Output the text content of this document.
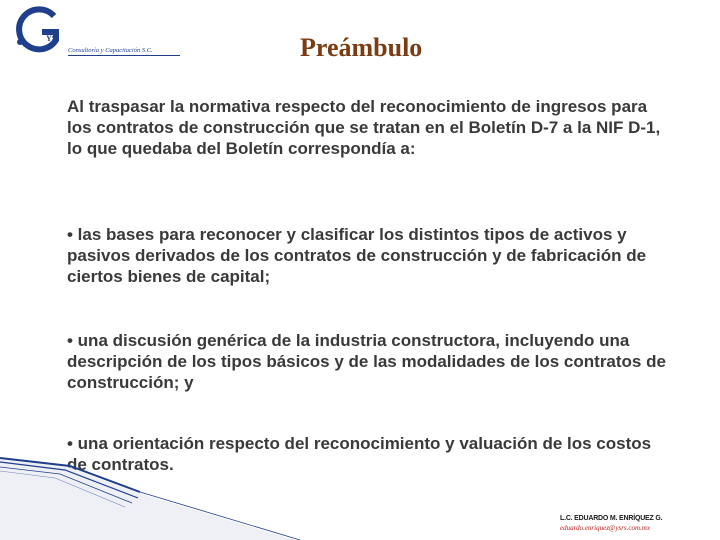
YS
Consultoría y Capacitación S.C.	Preámbulo

Al traspasar la normativa respecto del reconocimiento de ingresos para los contratos de construcción que se tratan en el Boletín D-7 a la NIF D-1, lo que quedaba del Boletín correspondía a:

• las bases para reconocer y clasificar los distintos tipos de activos y pasivos derivados de los contratos de construcción y de fabricación de ciertos bienes de capital;

• una discusión genérica de la industria constructora, incluyendo una descripción de los tipos básicos y de las modalidades de los contratos de construcción; y

• una orientación respecto del reconocimiento y valuación de los costos de contratos.

L.C. EDUARDO M. ENRÍQUEZ G.
eduardo.enriquez@ysrs.com.mx
